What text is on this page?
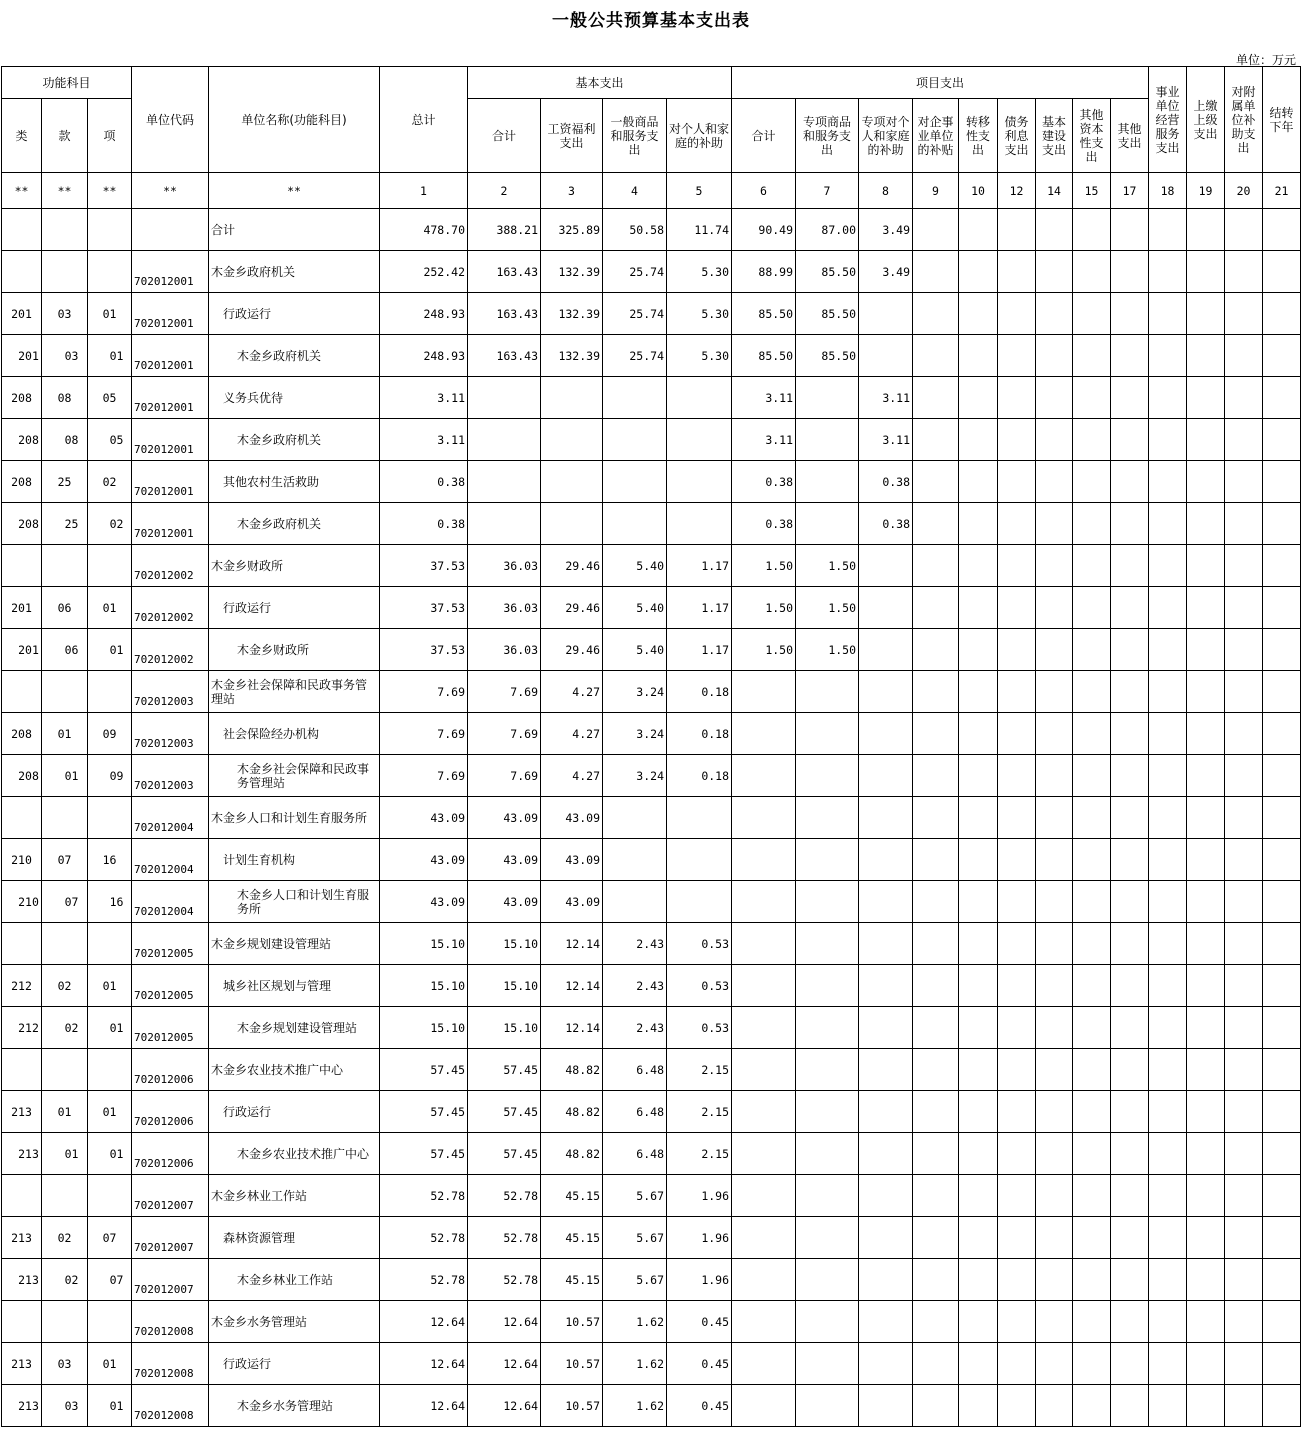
一般公共预算基本支出表
单位：万元
功能科目			单位代码	单位名称(功能科目)	总计	基本支出				项目支出									事业单位经营服务支出	上缴上级支出	对附属单位补助支出	结转下年
类	款	项				合计	工资福利支出	一般商品和服务支出	对个人和家庭的补助	合计	专项商品和服务支出	专项对个人和家庭的补助	对企事业单位的补贴	转移性支出	债务利息支出	基本建设支出	其他资本性支出	其他支出				
**	**	**	**	**	1	2	3	4	5	6	7	8	9	10	12	14	15	17	18	19	20	21
				合计	478.70	388.21	325.89	50.58	11.74	90.49	87.00	3.49										
			702012001	木金乡政府机关	252.42	163.43	132.39	25.74	5.30	88.99	85.50	3.49										
201	03	01	702012001	行政运行	248.93	163.43	132.39	25.74	5.30	85.50	85.50											
201	03	01	702012001	木金乡政府机关	248.93	163.43	132.39	25.74	5.30	85.50	85.50											
208	08	05	702012001	义务兵优待	3.11					3.11		3.11										
208	08	05	702012001	木金乡政府机关	3.11					3.11		3.11										
208	25	02	702012001	其他农村生活救助	0.38					0.38		0.38										
208	25	02	702012001	木金乡政府机关	0.38					0.38		0.38										
			702012002	木金乡财政所	37.53	36.03	29.46	5.40	1.17	1.50	1.50											
201	06	01	702012002	行政运行	37.53	36.03	29.46	5.40	1.17	1.50	1.50											
201	06	01	702012002	木金乡财政所	37.53	36.03	29.46	5.40	1.17	1.50	1.50											
			702012003	木金乡社会保障和民政事务管理站	7.69	7.69	4.27	3.24	0.18													
208	01	09	702012003	社会保险经办机构	7.69	7.69	4.27	3.24	0.18													
208	01	09	702012003	木金乡社会保障和民政事务管理站	7.69	7.69	4.27	3.24	0.18													
			702012004	木金乡人口和计划生育服务所	43.09	43.09	43.09															
210	07	16	702012004	计划生育机构	43.09	43.09	43.09															
210	07	16	702012004	木金乡人口和计划生育服务所	43.09	43.09	43.09															
			702012005	木金乡规划建设管理站	15.10	15.10	12.14	2.43	0.53													
212	02	01	702012005	城乡社区规划与管理	15.10	15.10	12.14	2.43	0.53													
212	02	01	702012005	木金乡规划建设管理站	15.10	15.10	12.14	2.43	0.53													
			702012006	木金乡农业技术推广中心	57.45	57.45	48.82	6.48	2.15													
213	01	01	702012006	行政运行	57.45	57.45	48.82	6.48	2.15													
213	01	01	702012006	木金乡农业技术推广中心	57.45	57.45	48.82	6.48	2.15													
			702012007	木金乡林业工作站	52.78	52.78	45.15	5.67	1.96													
213	02	07	702012007	森林资源管理	52.78	52.78	45.15	5.67	1.96													
213	02	07	702012007	木金乡林业工作站	52.78	52.78	45.15	5.67	1.96													
			702012008	木金乡水务管理站	12.64	12.64	10.57	1.62	0.45													
213	03	01	702012008	行政运行	12.64	12.64	10.57	1.62	0.45													
213	03	01	702012008	木金乡水务管理站	12.64	12.64	10.57	1.62	0.45													
